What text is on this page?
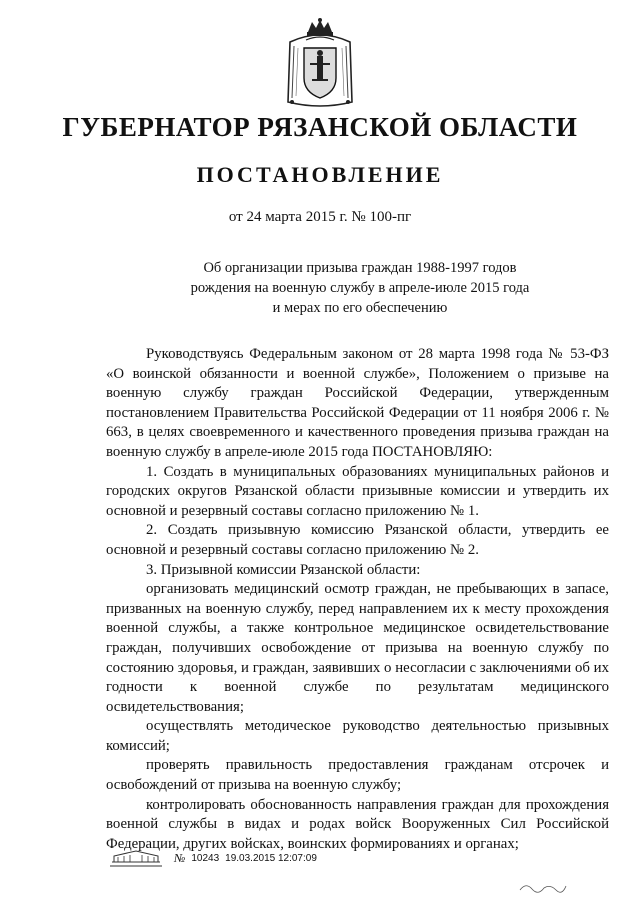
ГУБЕРНАТОР РЯЗАНСКОЙ ОБЛАСТИ
ПОСТАНОВЛЕНИЕ
от 24 марта 2015 г. № 100-пг
Об организации призыва граждан 1988-1997 годов
рождения на военную службу в апреле-июле 2015 года
и мерах по его обеспечению

Руководствуясь Федеральным законом от 28 марта 1998 года № 53-ФЗ «О воинской обязанности и военной службе», Положением о призыве на военную службу граждан Российской Федерации, утвержденным постановлением Правительства Российской Федерации от 11 ноября 2006 г. № 663, в целях своевременного и качественного проведения призыва граждан на военную службу в апреле-июле 2015 года ПОСТАНОВЛЯЮ:

1. Создать в муниципальных образованиях муниципальных районов и городских округов Рязанской области призывные комиссии и утвердить их основной и резервный составы согласно приложению № 1.

2. Создать призывную комиссию Рязанской области, утвердить ее основной и резервный составы согласно приложению № 2.

3. Призывной комиссии Рязанской области:

организовать медицинский осмотр граждан, не пребывающих в запасе, призванных на военную службу, перед направлением их к месту прохождения военной службы, а также контрольное медицинское освидетельствование граждан, получивших освобождение от призыва на военную службу по состоянию здоровья, и граждан, заявивших о несогласии с заключениями об их годности к военной службе по результатам медицинского освидетельствования;

осуществлять методическое руководство деятельностью призывных комиссий;

проверять правильность предоставления гражданам отсрочек и освобождений от призыва на военную службу;

контролировать обоснованность направления граждан для прохождения военной службы в видах и родах войск Вооруженных Сил Российской Федерации, других войсках, воинских формированиях и органах;

№ 10243 19.03.2015 12:07:09
